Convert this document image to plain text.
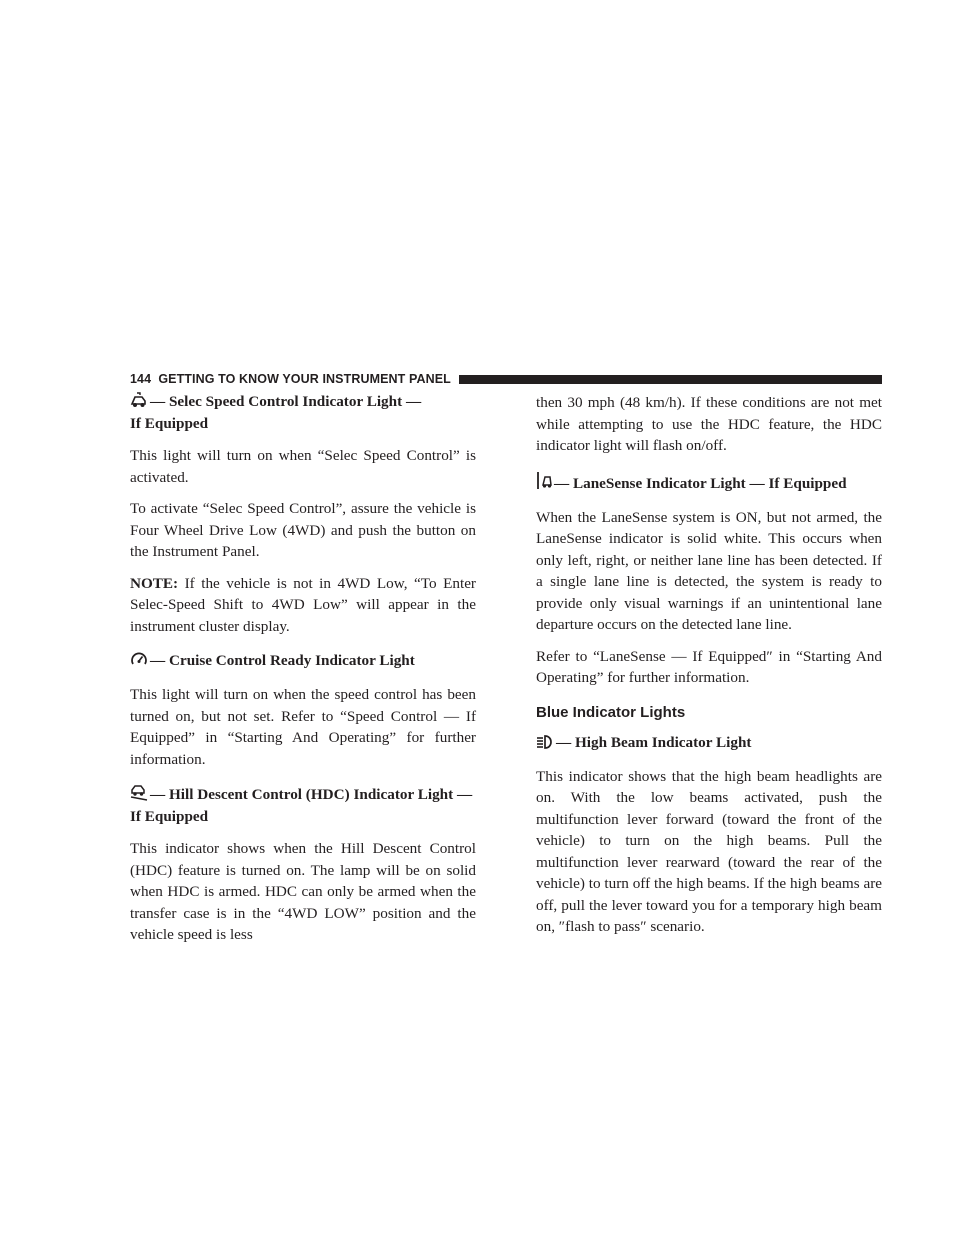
144 GETTING TO KNOW YOUR INSTRUMENT PANEL
— Selec Speed Control Indicator Light —
If Equipped

This light will turn on when “Selec Speed Control” is activated.

To activate “Selec Speed Control”, assure the vehicle is Four Wheel Drive Low (4WD) and push the button on the Instrument Panel.

NOTE: If the vehicle is not in 4WD Low, “To Enter Selec-Speed Shift to 4WD Low” will appear in the instrument cluster display.

— Cruise Control Ready Indicator Light

This light will turn on when the speed control has been turned on, but not set. Refer to “Speed Control — If Equipped” in “Starting And Operating” for further information.

— Hill Descent Control (HDC) Indicator Light —
If Equipped

This indicator shows when the Hill Descent Control (HDC) feature is turned on. The lamp will be on solid when HDC is armed. HDC can only be armed when the transfer case is in the “4WD LOW” position and the vehicle speed is less

then 30 mph (48 km/h). If these conditions are not met while attempting to use the HDC feature, the HDC indicator light will flash on/off.

— LaneSense Indicator Light — If Equipped

When the LaneSense system is ON, but not armed, the LaneSense indicator is solid white. This occurs when only left, right, or neither lane line has been detected. If a single lane line is detected, the system is ready to provide only visual warnings if an unintentional lane departure occurs on the detected lane line.

Refer to “LaneSense — If Equipped″ in “Starting And Operating” for further information.

Blue Indicator Lights
— High Beam Indicator Light

This indicator shows that the high beam headlights are on. With the low beams activated, push the multifunction lever forward (toward the front of the vehicle) to turn on the high beams. Pull the multifunction lever rearward (toward the rear of the vehicle) to turn off the high beams. If the high beams are off, pull the lever toward you for a temporary high beam on, ″flash to pass″ scenario.
